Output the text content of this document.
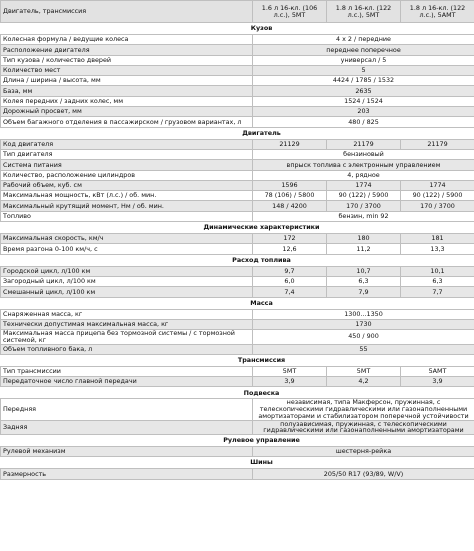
Двигатель, трансмиссия	1.6 л 16-кл. (106 л.с.), 5МТ	1.8 л 16-кл. (122 л.с.), 5МТ	1.8 л 16-кл. (122 л.с.), 5АМТ
Кузов			
Колесная формула / ведущие колеса	4 x 2 / передние		
Расположение двигателя	переднее поперечное		
Тип кузова / количество дверей	универсал / 5		
Количество мест	5		
Длина / ширина / высота, мм	4424 / 1785 / 1532		
База, мм	2635		
Колея передних / задних колес, мм	1524 / 1524		
Дорожный просвет, мм	203		
Объем багажного отделения в пассажирском / грузовом вариантах, л	480 / 825		
Двигатель			
Код двигателя	21129	21179	21179
Тип двигателя	бензиновый		
Система питания	впрыск топлива с электронным управлением		
Количество, расположение цилиндров	4, рядное		
Рабочий объем, куб. см	1596	1774	1774
Максимальная мощность, кВт (л.с.) / об. мин.	78 (106) / 5800	90 (122) / 5900	90 (122) / 5900
Максимальный крутящий момент, Нм / об. мин.	148 / 4200	170 / 3700	170 / 3700
Топливо	бензин, min 92		
Динамические характеристики			
Максимальная скорость, км/ч	172	180	181
Время разгона 0-100 км/ч, с	12,6	11,2	13,3
Расход топлива			
Городской цикл, л/100 км	9,7	10,7	10,1
Загородный цикл, л/100 км	6,0	6,3	6,3
Смешанный цикл, л/100 км	7,4	7,9	7,7
Масса			
Снаряженная масса, кг	1300...1350		
Технически допустимая максимальная масса, кг	1730		
Максимальная масса прицепа без тормозной системы / с тормозной системой, кг	450 / 900		
Объем топливного бака, л	55		
Трансмиссия			
Тип трансмиссии	5МТ	5МТ	5АМТ
Передаточное число главной передачи	3,9	4,2	3,9
Подвеска			
Передняя	независимая, типа Макферсон, пружинная, с телескопическими гидравлическими или газонаполненными амортизаторами и стабилизатором поперечной устойчивости		
Задняя	полузависимая, пружинная, с телескопическими гидравлическими или газонаполненными амортизаторами		
Рулевое управление			
Рулевой механизм	шестерня-рейка		
Шины			
Размерность	205/50 R17 (93/89, W/V)		
